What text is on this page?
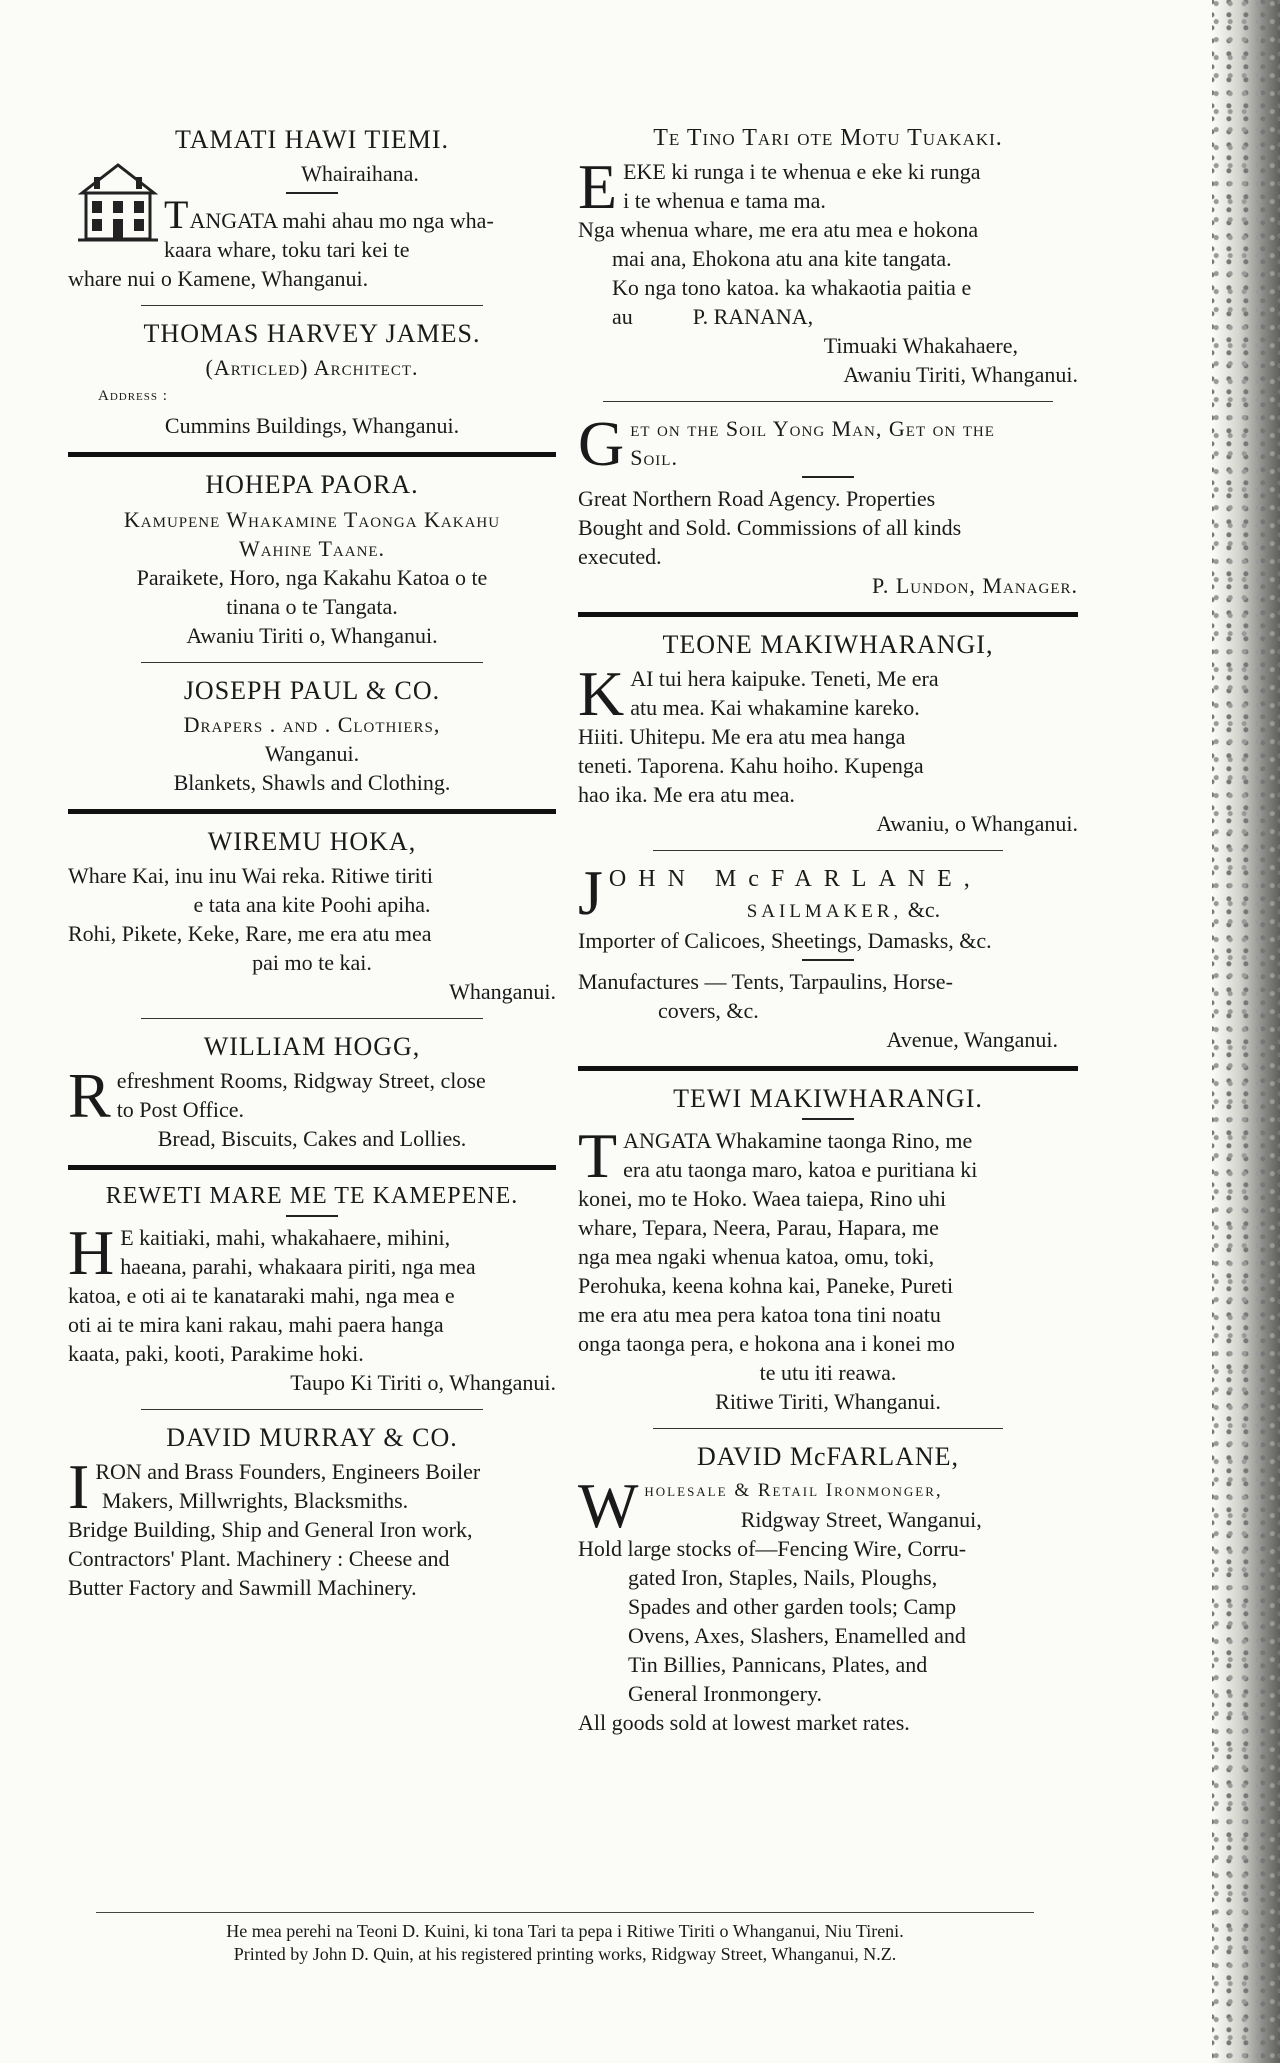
TAMATI HAWI TIEMI.

Whairaihana.

TANGATA mahi ahau mo nga wha-

kaara whare, toku tari kei te

whare nui o Kamene, Whanganui.

THOMAS HARVEY JAMES.

(Articled) Architect.

Address :

Cummins Buildings, Whanganui.

HOHEPA PAORA.

Kamupene Whakamine Taonga Kakahu

Wahine Taane.

Paraikete, Horo, nga Kakahu Katoa o te

tinana o te Tangata.

Awaniu Tiriti o, Whanganui.

JOSEPH PAUL & CO.

Drapers . and . Clothiers,

Wanganui.

Blankets, Shawls and Clothing.

WIREMU HOKA,

Whare Kai, inu inu Wai reka. Ritiwe tiriti

e tata ana kite Poohi apiha.

Rohi, Pikete, Keke, Rare, me era atu mea

pai mo te kai.

Whanganui.

WILLIAM HOGG,
R efreshment Rooms, Ridgway Street, close

to Post Office.

Bread, Biscuits, Cakes and Lollies.

REWETI MARE ME TE KAMEPENE.
H E kaitiaki, mahi, whakahaere, mihini,

haeana, parahi, whakaara piriti, nga mea

katoa, e oti ai te kanataraki mahi, nga mea e

oti ai te mira kani rakau, mahi paera hanga

kaata, paki, kooti, Parakime hoki.

Taupo Ki Tiriti o, Whanganui.

DAVID MURRAY & CO.
I RON and Brass Founders, Engineers Boiler

Makers, Millwrights, Blacksmiths.

Bridge Building, Ship and General Iron work,

Contractors' Plant. Machinery : Cheese and

Butter Factory and Sawmill Machinery.

Te Tino Tari ote Motu Tuakaki.
E EKE ki runga i te whenua e eke ki runga

i te whenua e tama ma.

Nga whenua whare, me era atu mea e hokona

mai ana, Ehokona atu ana kite tangata.

Ko nga tono katoa. ka whakaotia paitia e

au	P. RANANA,

Timuaki Whakahaere,

Awaniu Tiriti, Whanganui.

G et on the Soil Yong Man, Get on the

Soil.

Great Northern Road Agency. Properties

Bought and Sold. Commissions of all kinds

executed.

P. Lundon, Manager.

TEONE MAKIWHARANGI,
K AI tui hera kaipuke. Teneti, Me era

atu mea. Kai whakamine kareko.

Hiiti. Uhitepu. Me era atu mea hanga

teneti. Taporena. Kahu hoiho. Kupenga

hao ika. Me era atu mea.

Awaniu, o Whanganui.

J OHN McFARLANE,

SAILMAKER, &c.

Importer of Calicoes, Sheetings, Damasks, &c.

Manufactures — Tents, Tarpaulins, Horse-

covers, &c.

Avenue, Wanganui.

TEWI MAKIWHARANGI.
T ANGATA Whakamine taonga Rino, me

era atu taonga maro, katoa e puritiana ki

konei, mo te Hoko. Waea taiepa, Rino uhi

whare, Tepara, Neera, Parau, Hapara, me

nga mea ngaki whenua katoa, omu, toki,

Perohuka, keena kohna kai, Paneke, Pureti

me era atu mea pera katoa tona tini noatu

onga taonga pera, e hokona ana i konei mo

te utu iti reawa.

Ritiwe Tiriti, Whanganui.

DAVID McFARLANE,
W holesale & Retail Ironmonger,

Ridgway Street, Wanganui,

Hold large stocks of—Fencing Wire, Corru-

gated Iron, Staples, Nails, Ploughs,

Spades and other garden tools; Camp

Ovens, Axes, Slashers, Enamelled and

Tin Billies, Pannicans, Plates, and

General Ironmongery.

All goods sold at lowest market rates.

He mea perehi na Teoni D. Kuini, ki tona Tari ta pepa i Ritiwe Tiriti o Whanganui, Niu Tireni.
Printed by John D. Quin, at his registered printing works, Ridgway Street, Whanganui, N.Z.
